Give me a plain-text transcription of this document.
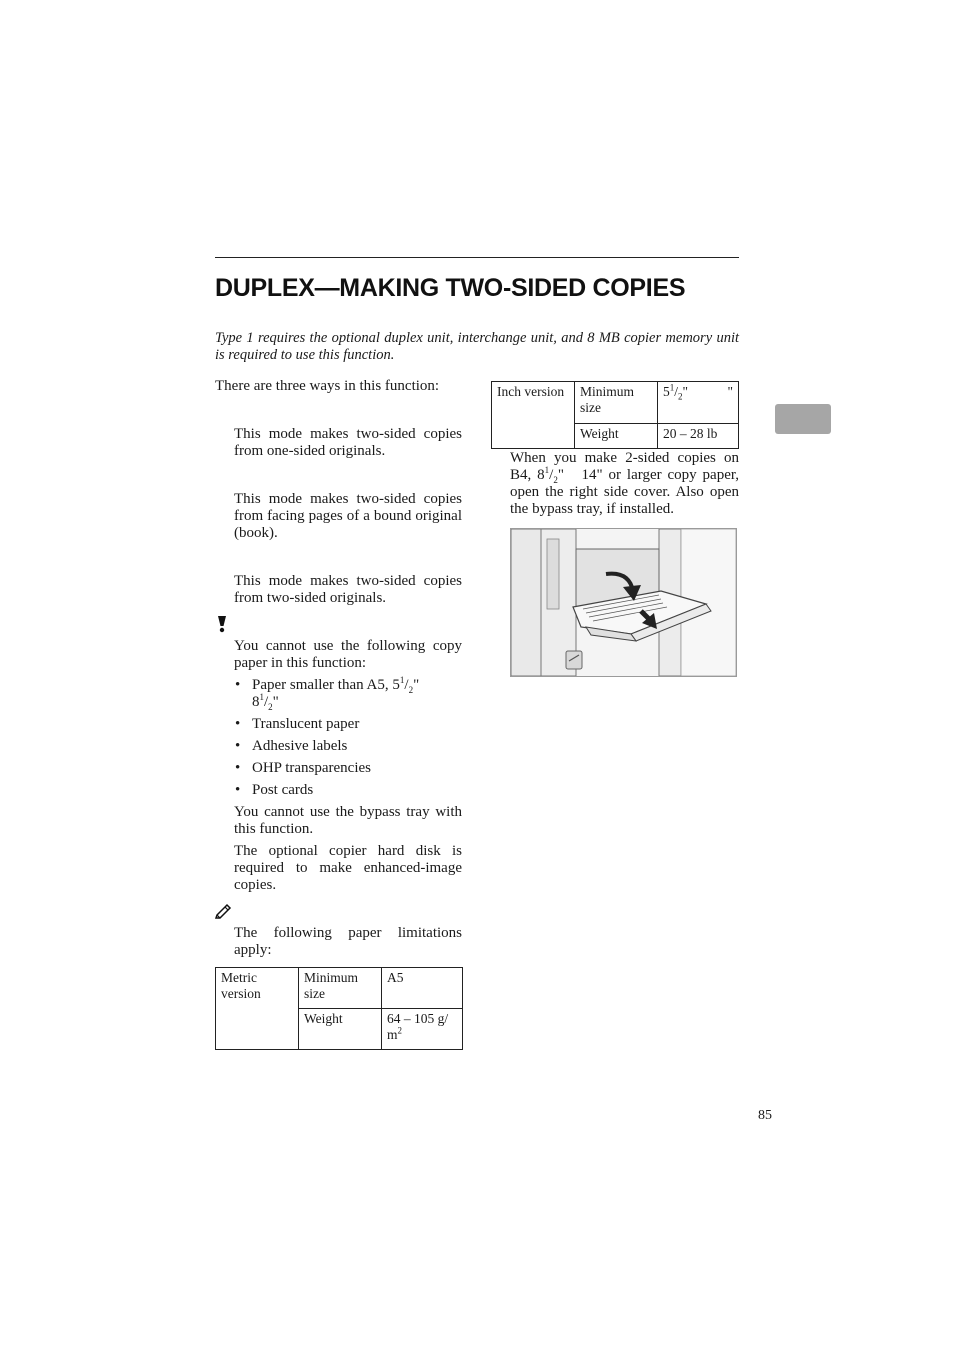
DUPLEX—MAKING TWO-SIDED COPIES
Type 1 requires the optional duplex unit, interchange unit, and 8 MB copier memory unit is required to use this function.
There are three ways in this function:
This mode makes two-sided copies from one-sided originals.
This mode makes two-sided copies from facing pages of a bound original (book).
This mode makes two-sided copies from two-sided originals.
You cannot use the following copy paper in this function:
• Paper smaller than A5, $5^1/_2$"
$8^1/_2$"
• Translucent paper
• Adhesive labels
• OHP transparencies
• Post cards
You cannot use the bypass tray with this function.
The optional copier hard disk is required to make enhanced-image copies.
The following paper limitations apply:
Metric version	Minimum size	A5
	Weight	64 – 105 g/
$m^2$
Inch version	Minimum size	$5^1/_2$" "

	Weight	20 – 28 lb
When you make 2-sided copies on B4, $8^1/_2$"   14" or larger copy paper, open the right side cover. Also open the bypass tray, if installed.
85
